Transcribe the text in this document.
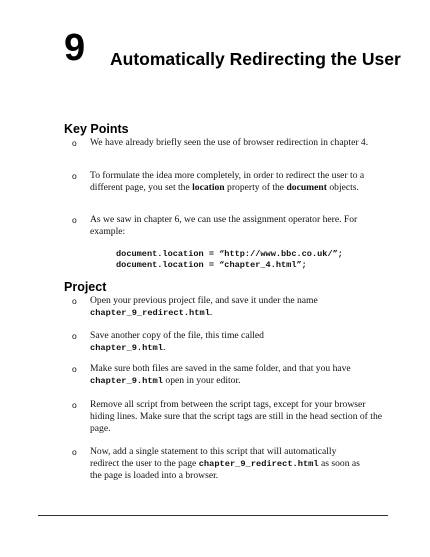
9 Automatically Redirecting the User
Key Points
o We have already briefly seen the use of browser redirection in chapter 4.
o To formulate the idea more completely, in order to redirect the user to a different page, you set the location property of the document objects.
o As we saw in chapter 6, we can use the assignment operator here. For example:
document.location = “http://www.bbc.co.uk/”;
document.location = “chapter_4.html”;
Project
o Open your previous project file, and save it under the name chapter_9_redirect.html.
o Save another copy of the file, this time called chapter_9.html.
o Make sure both files are saved in the same folder, and that you have chapter_9.html open in your editor.
o Remove all script from between the script tags, except for your browser hiding lines. Make sure that the script tags are still in the head section of the page.
o Now, add a single statement to this script that will automatically redirect the user to the page chapter_9_redirect.html as soon as the page is loaded into a browser.
